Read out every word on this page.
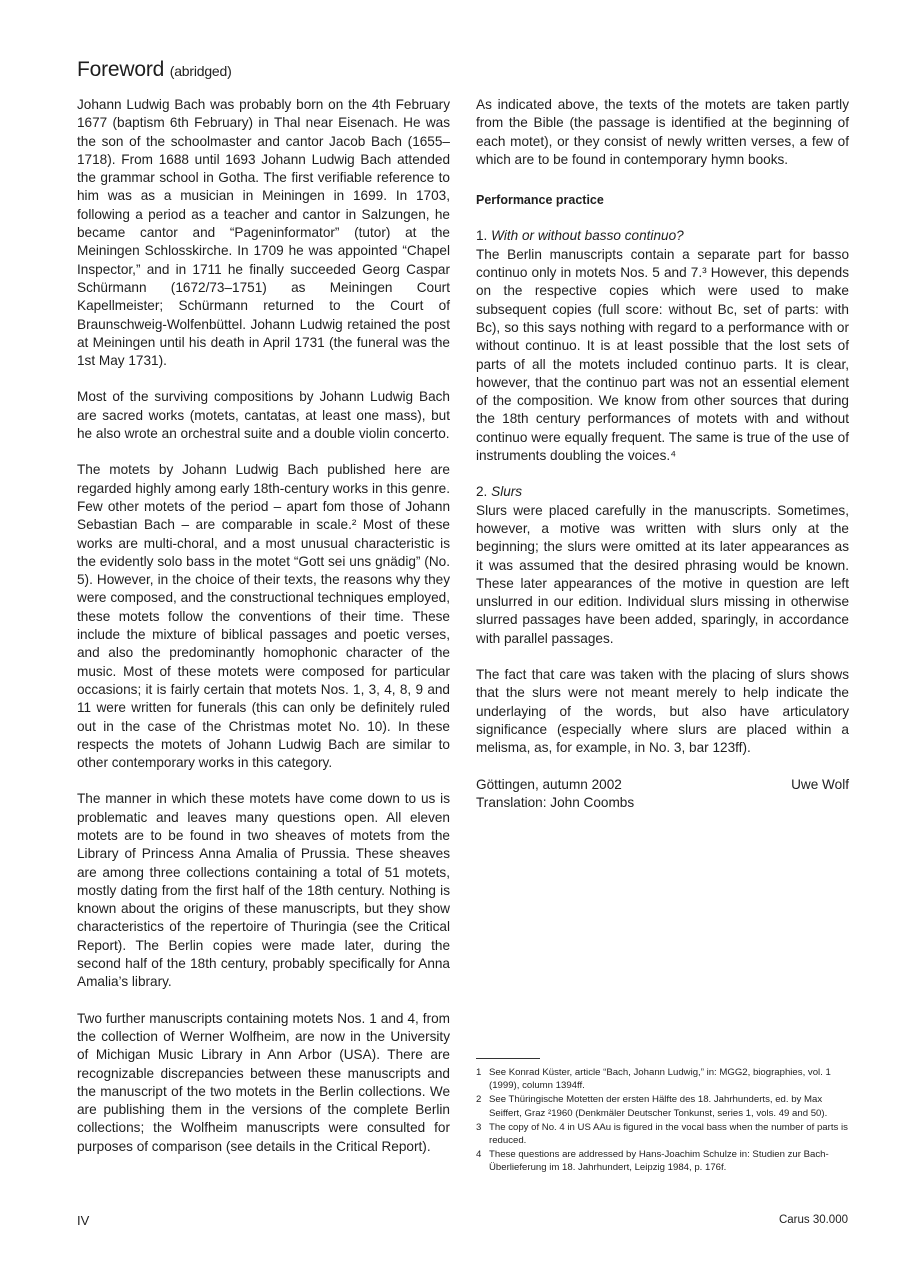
Foreword (abridged)

Johann Ludwig Bach was probably born on the 4th February 1677 (baptism 6th February) in Thal near Eisenach. He was the son of the schoolmaster and cantor Jacob Bach (1655–1718). From 1688 until 1693 Johann Ludwig Bach attended the grammar school in Gotha. The first verifiable reference to him was as a musician in Meiningen in 1699. In 1703, following a period as a teacher and cantor in Salzungen, he became cantor and “Pageninformator” (tutor) at the Meiningen Schlosskirche. In 1709 he was appointed “Chapel Inspector,” and in 1711 he finally succeeded Georg Caspar Schürmann (1672/73–1751) as Meiningen Court Kapellmeister; Schürmann returned to the Court of Braunschweig-Wolfenbüttel. Johann Ludwig retained the post at Meiningen until his death in April 1731 (the funeral was the 1st May 1731).

Most of the surviving compositions by Johann Ludwig Bach are sacred works (motets, cantatas, at least one mass), but he also wrote an orchestral suite and a double violin concerto.

The motets by Johann Ludwig Bach published here are regarded highly among early 18th-century works in this genre. Few other motets of the period – apart fom those of Johann Sebastian Bach – are comparable in scale.² Most of these works are multi-choral, and a most unusual characteristic is the evidently solo bass in the motet “Gott sei uns gnädig” (No. 5). However, in the choice of their texts, the reasons why they were composed, and the constructional techniques employed, these motets follow the conventions of their time. These include the mixture of biblical passages and poetic verses, and also the predominantly homophonic character of the music. Most of these motets were composed for particular occasions; it is fairly certain that motets Nos. 1, 3, 4, 8, 9 and 11 were written for funerals (this can only be definitely ruled out in the case of the Christmas motet No. 10). In these respects the motets of Johann Ludwig Bach are similar to other contemporary works in this category.

The manner in which these motets have come down to us is problematic and leaves many questions open. All eleven motets are to be found in two sheaves of motets from the Library of Princess Anna Amalia of Prussia. These sheaves are among three collections containing a total of 51 motets, mostly dating from the first half of the 18th century. Nothing is known about the origins of these manuscripts, but they show characteristics of the repertoire of Thuringia (see the Critical Report). The Berlin copies were made later, during the second half of the 18th century, probably specifically for Anna Amalia’s library.

Two further manuscripts containing motets Nos. 1 and 4, from the collection of Werner Wolfheim, are now in the University of Michigan Music Library in Ann Arbor (USA). There are recognizable discrepancies between these manuscripts and the manuscript of the two motets in the Berlin collections. We are publishing them in the versions of the complete Berlin collections; the Wolfheim manuscripts were consulted for purposes of comparison (see details in the Critical Report).

As indicated above, the texts of the motets are taken partly from the Bible (the passage is identified at the beginning of each motet), or they consist of newly written verses, a few of which are to be found in contemporary hymn books.

Performance practice
1. With or without basso continuo?

The Berlin manuscripts contain a separate part for basso continuo only in motets Nos. 5 and 7.³ However, this depends on the respective copies which were used to make subsequent copies (full score: without Bc, set of parts: with Bc), so this says nothing with regard to a performance with or without continuo. It is at least possible that the lost sets of parts of all the motets included continuo parts. It is clear, however, that the continuo part was not an essential element of the composition. We know from other sources that during the 18th century performances of motets with and without continuo were equally frequent. The same is true of the use of instruments doubling the voices.⁴

2. Slurs

Slurs were placed carefully in the manuscripts. Sometimes, however, a motive was written with slurs only at the beginning; the slurs were omitted at its later appearances as it was assumed that the desired phrasing would be known. These later appearances of the motive in question are left unslurred in our edition. Individual slurs missing in otherwise slurred passages have been added, sparingly, in accordance with parallel passages.

The fact that care was taken with the placing of slurs shows that the slurs were not meant merely to help indicate the underlaying of the words, but also have articulatory significance (especially where slurs are placed within a melisma, as, for example, in No. 3, bar 123ff).

Göttingen, autumn 2002	Uwe Wolf
Translation: John Coombs
1 See Konrad Küster, article “Bach, Johann Ludwig,” in: MGG2, biographies, vol. 1 (1999), column 1394ff.
2 See Thüringische Motetten der ersten Hälfte des 18. Jahrhunderts, ed. by Max Seiffert, Graz ²1960 (Denkmäler Deutscher Tonkunst, series 1, vols. 49 and 50).
3 The copy of No. 4 in US AAu is figured in the vocal bass when the number of parts is reduced.
4 These questions are addressed by Hans-Joachim Schulze in: Studien zur Bach-Überlieferung im 18. Jahrhundert, Leipzig 1984, p. 176f.
IV	Carus 30.000
